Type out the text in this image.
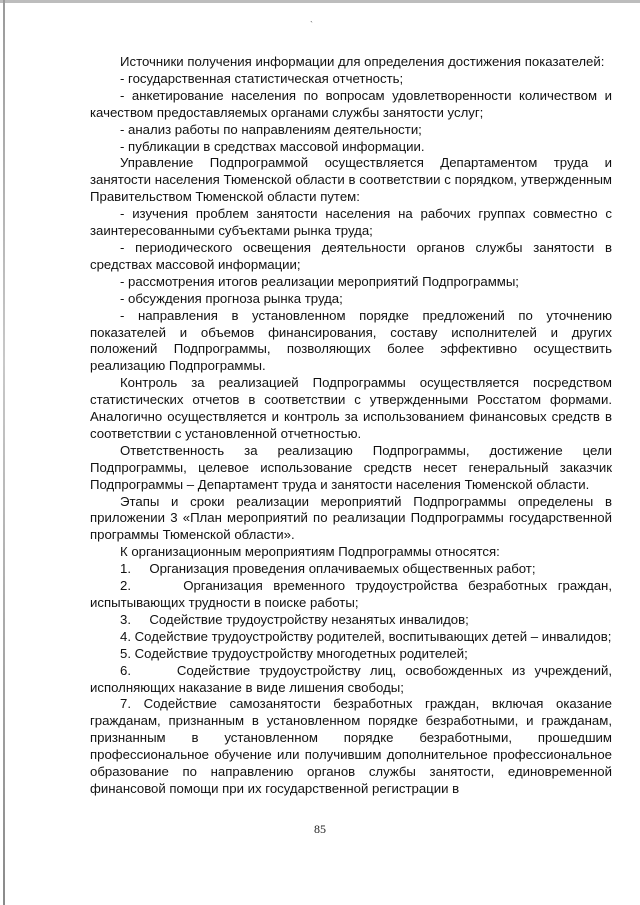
`

Источники получения информации для определения достижения показателей:

- государственная статистическая отчетность;

- анкетирование населения по вопросам удовлетворенности количеством и качеством предоставляемых органами службы занятости услуг;

- анализ работы по направлениям деятельности;

- публикации в средствах массовой информации.

Управление Подпрограммой осуществляется Департаментом труда и занятости населения Тюменской области в соответствии с порядком, утвержденным Правительством Тюменской области путем:

- изучения проблем занятости населения на рабочих группах совместно с заинтересованными субъектами рынка труда;

- периодического освещения деятельности органов службы занятости в средствах массовой информации;

- рассмотрения итогов реализации мероприятий Подпрограммы;

- обсуждения прогноза рынка труда;

- направления в установленном порядке предложений по уточнению показателей и объемов финансирования, составу исполнителей и других положений Подпрограммы, позволяющих более эффективно осуществить реализацию Подпрограммы.

Контроль за реализацией Подпрограммы осуществляется посредством статистических отчетов в соответствии с утвержденными Росстатом формами. Аналогично осуществляется и контроль за использованием финансовых средств в соответствии с установленной отчетностью.

Ответственность за реализацию Подпрограммы, достижение цели Подпрограммы, целевое использование средств несет генеральный заказчик Подпрограммы – Департамент труда и занятости населения Тюменской области.

Этапы и сроки реализации мероприятий Подпрограммы определены в приложении 3 «План мероприятий по реализации Подпрограммы государственной программы Тюменской области».

К организационным мероприятиям Подпрограммы относятся:

1.     Организация проведения оплачиваемых общественных работ;

2.     Организация временного трудоустройства безработных граждан, испытывающих трудности в поиске работы;

3.     Содействие трудоустройству незанятых инвалидов;

4. Содействие трудоустройству родителей, воспитывающих детей – инвалидов;

5. Содействие трудоустройству многодетных родителей;

6.     Содействие трудоустройству лиц, освобожденных из учреждений, исполняющих наказание в виде лишения свободы;

7. Содействие самозанятости безработных граждан, включая оказание гражданам, признанным в установленном порядке безработными, и гражданам, признанным в установленном порядке безработными, прошедшим профессиональное обучение или получившим дополнительное профессиональное образование по направлению органов службы занятости, единовременной финансовой помощи при их государственной регистрации в

85
